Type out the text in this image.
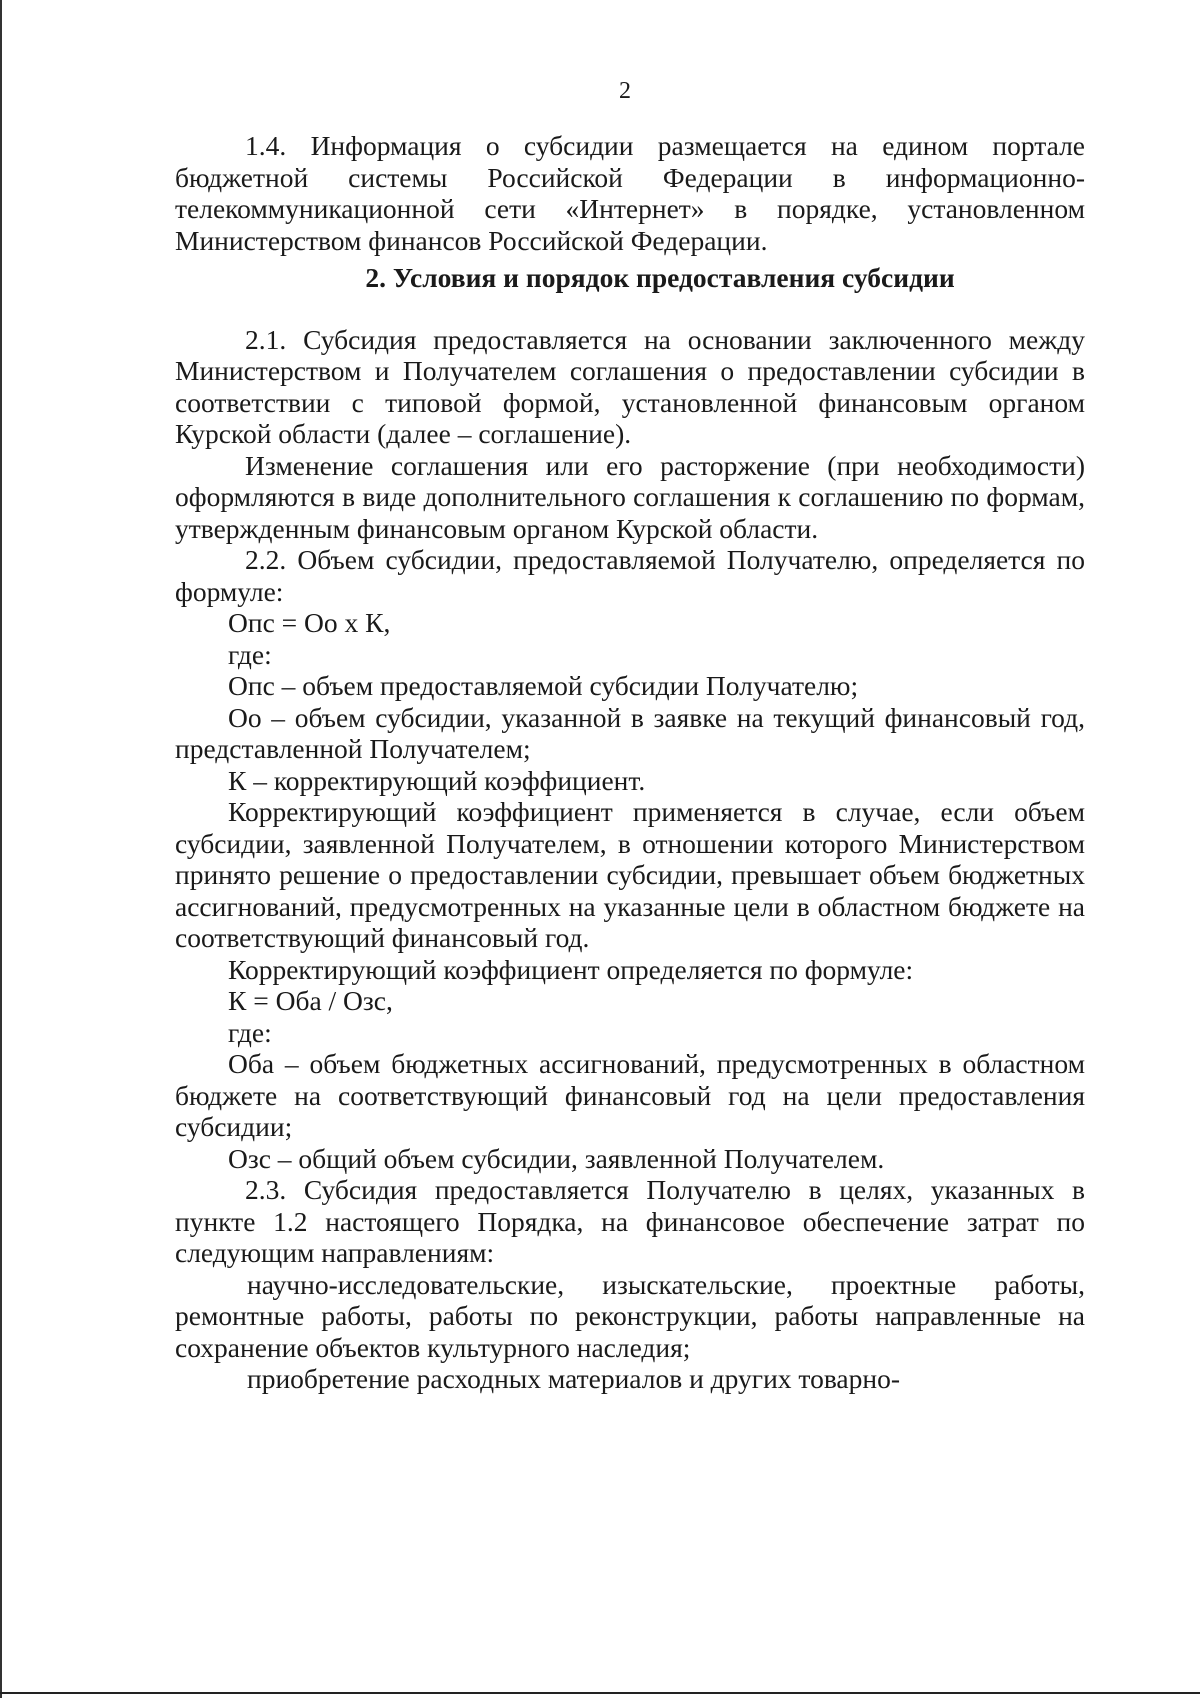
2

1.4. Информация о субсидии размещается на едином портале бюджетной системы Российской Федерации в информационно-телекоммуникационной сети «Интернет» в порядке, установленном Министерством финансов Российской Федерации.

2. Условия и порядок предоставления субсидии

2.1. Субсидия предоставляется на основании заключенного между Министерством и Получателем соглашения о предоставлении субсидии в соответствии с типовой формой, установленной финансовым органом Курской области (далее – соглашение).

Изменение соглашения или его расторжение (при необходимости) оформляются в виде дополнительного соглашения к соглашению по формам, утвержденным финансовым органом Курской области.

2.2. Объем субсидии, предоставляемой Получателю, определяется по формуле:

Опс = Оо х К,

где:

Опс – объем предоставляемой субсидии Получателю;

Оо – объем субсидии, указанной в заявке на текущий финансовый год, представленной Получателем;

К – корректирующий коэффициент.

Корректирующий коэффициент применяется в случае, если объем субсидии, заявленной Получателем, в отношении которого Министерством принято решение о предоставлении субсидии, превышает объем бюджетных ассигнований, предусмотренных на указанные цели в областном бюджете на соответствующий финансовый год.

Корректирующий коэффициент определяется по формуле:

К = Оба / Озс,

где:

Оба – объем бюджетных ассигнований, предусмотренных в областном бюджете на соответствующий финансовый год на цели предоставления субсидии;

Озс – общий объем субсидии, заявленной Получателем.

2.3. Субсидия предоставляется Получателю в целях, указанных в пункте 1.2 настоящего Порядка, на финансовое обеспечение затрат по следующим направлениям:

научно-исследовательские, изыскательские, проектные работы, ремонтные работы, работы по реконструкции, работы направленные на сохранение объектов культурного наследия;

приобретение расходных материалов и других товарно-
